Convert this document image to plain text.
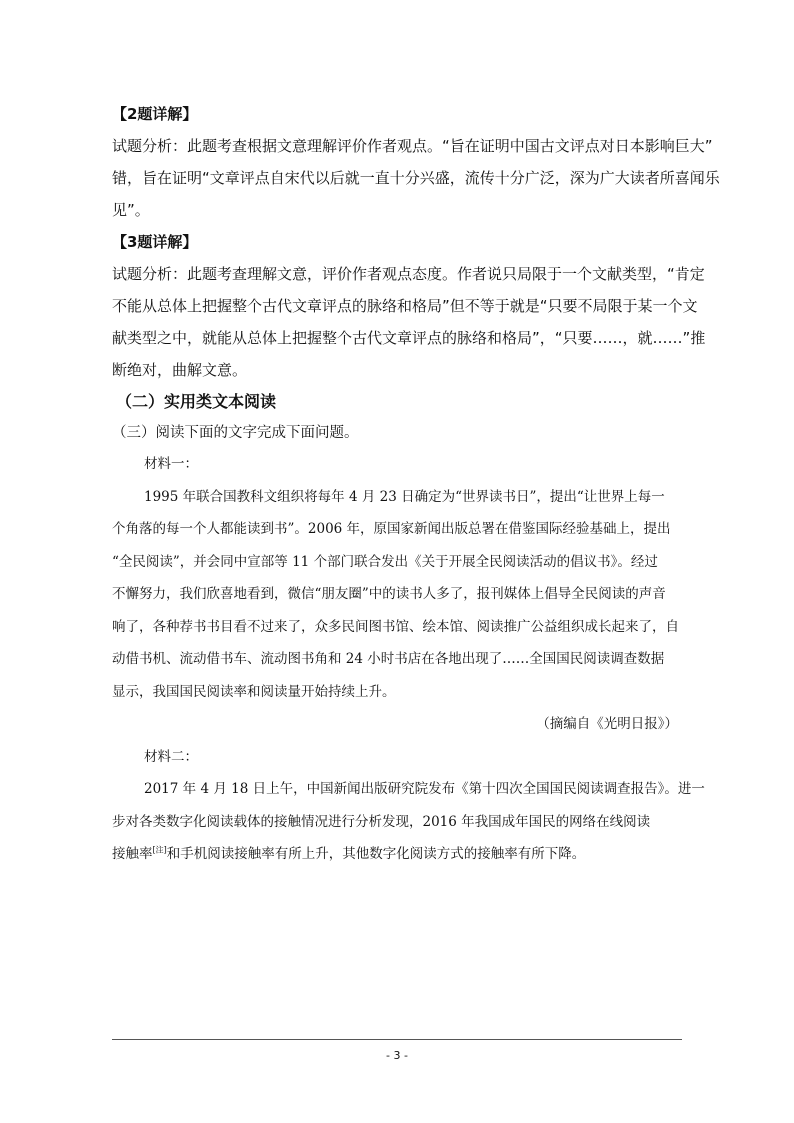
【2题详解】

试题分析：此题考查根据文意理解评价作者观点。“旨在证明中国古文评点对日本影响巨大”

错，旨在证明“文章评点自宋代以后就一直十分兴盛，流传十分广泛，深为广大读者所喜闻乐

见”。

【3题详解】

试题分析：此题考查理解文意，评价作者观点态度。作者说只局限于一个文献类型，“肯定

不能从总体上把握整个古代文章评点的脉络和格局”但不等于就是“只要不局限于某一个文

献类型之中，就能从总体上把握整个古代文章评点的脉络和格局”，“只要……，就……”推

断绝对，曲解文意。

（二）实用类文本阅读

（三）阅读下面的文字完成下面问题。

材料一：

1995 年联合国教科文组织将每年 4 月 23 日确定为“世界读书日”，提出“让世界上每一

个角落的每一个人都能读到书”。2006 年，原国家新闻出版总署在借鉴国际经验基础上，提出

“全民阅读”，并会同中宣部等 11 个部门联合发出《关于开展全民阅读活动的倡议书》。经过

不懈努力，我们欣喜地看到，微信“朋友圈”中的读书人多了，报刊媒体上倡导全民阅读的声音

响了，各种荐书书目看不过来了，众多民间图书馆、绘本馆、阅读推广公益组织成长起来了，自

动借书机、流动借书车、流动图书角和 24 小时书店在各地出现了……全国国民阅读调查数据

显示，我国国民阅读率和阅读量开始持续上升。

（摘编自《光明日报》）

材料二：

2017 年 4 月 18 日上午，中国新闻出版研究院发布《第十四次全国国民阅读调查报告》。进一

步对各类数字化阅读载体的接触情况进行分析发现，2016 年我国成年国民的网络在线阅读

接触率[注]和手机阅读接触率有所上升，其他数字化阅读方式的接触率有所下降。

- 3 -
